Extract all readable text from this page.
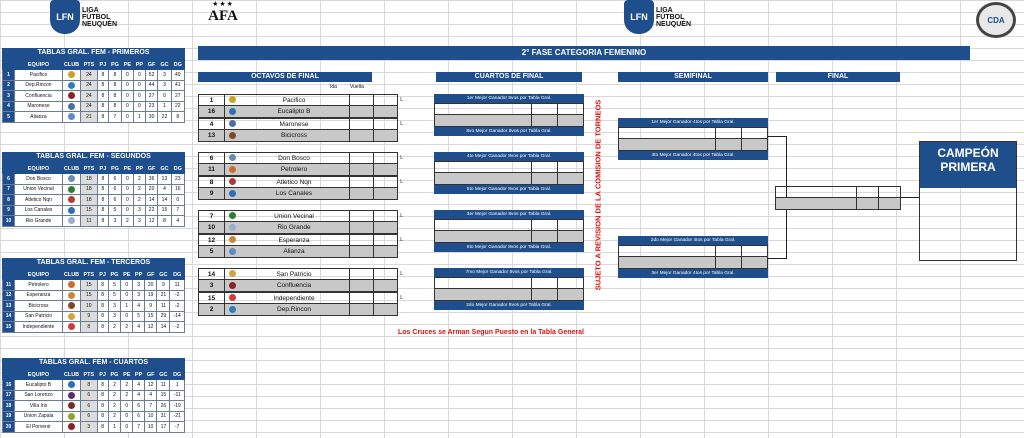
LFN
LIGA
FÚTBOL
NEUQUÉN
★★★
AFA	LFN
LIGA
FÚTBOL
NEUQUÉN	CDA
2° FASE CATEGORIA FEMENINO
TABLAS GRAL. FEM - PRIMEROS
	EQUIPO	CLUB	PTS	PJ	PG	PE	PP	GF	GC	DG
1	Pacifico		24	8	8	0	0	52	3	49
2	Dep.Rincon		24	8	8	0	0	44	3	41
3	Confluencia		24	8	8	0	0	27	0	27
4	Maronese		24	8	8	0	0	23	1	22
5	Alianza		21	8	7	0	1	30	22	8
TABLAS GRAL. FEM - SEGUNDOS
	EQUIPO	CLUB	PTS	PJ	PG	PE	PP	GF	GC	DG
6	Don Bosco		18	8	6	0	2	36	13	23
7	Union Vecinal		18	8	6	0	2	20	4	16
8	Atletico Nqn		18	8	6	0	2	14	14	0
9	Los Canales		15	8	5	0	3	22	15	7
10	Rio Grande		11	8	3	2	3	12	8	4
TABLAS GRAL. FEM - TERCEROS
	EQUIPO	CLUB	PTS	PJ	PG	PE	PP	GF	GC	DG
11	Petrolero		15	8	5	0	3	20	9	11
12	Esperanza		15	8	5	0	3	19	21	-2
13	Bicicross		10	8	3	1	4	9	11	-2
14	San Patricio		9	8	3	0	5	15	29	-14
15	Independiente		8	8	2	2	4	12	14	-2
TABLAS GRAL. FEM - CUARTOS
	EQUIPO	CLUB	PTS	PJ	PG	PE	PP	GF	GC	DG
16	Eucalipto B		8	8	2	2	4	12	11	1
17	San Lorenzo		6	8	2	2	4	4	15	-11
18	Villa Iris		6	8	2	0	6	7	26	-19
19	Union Zapala		6	8	2	0	6	10	31	-21
20	El Porvenir		3	8	1	0	7	10	17	-7
OCTAVOS DE FINAL	CUARTOS DE FINAL	SEMIFINAL	FINAL
Ida	Vuelta
1	Pacifico	L
16	Eucalipto B
4	Maronese	L
13	Bicicross
6	Don Bosco	L
11	Petrolero
8	Atletico Nqn	L
9	Los Canales
7	Union Vecinal	L
10	Rio Grande
12	Esperanza	L
5	Alianza
14	San Patricio	L
3	Confluencia
15	Independiente	L
2	Dep.Rincon
1er Mejor Ganador 8vos por Tabla Gral.
8vo Mejor Ganador 8vos por Tabla Gral.
4to Mejor Ganador 8vos por Tabla Gral.
5to Mejor Ganador 8vos por Tabla Gral.
3er Mejor Ganador 8vos por Tabla Gral.
6to Mejor Ganador 8vos por Tabla Gral.
7mo Mejor Ganador 8vos por Tabla Gral.
2do Mejor Ganador 8vos por Tabla Gral.
SUJETO A REVISION DE LA COMISION DE TORNEOS	1er Mejor Ganador 4tos por Tabla Gral.
4to Mejor Ganador 4tos por Tabla Gral.
2do Mejor Ganador 4tos por Tabla Gral.
3er Mejor Ganador 4tos por Tabla Gral.
CAMPEÓN
PRIMERA
Los Cruces se Arman Segun Puesto en la Tabla General
